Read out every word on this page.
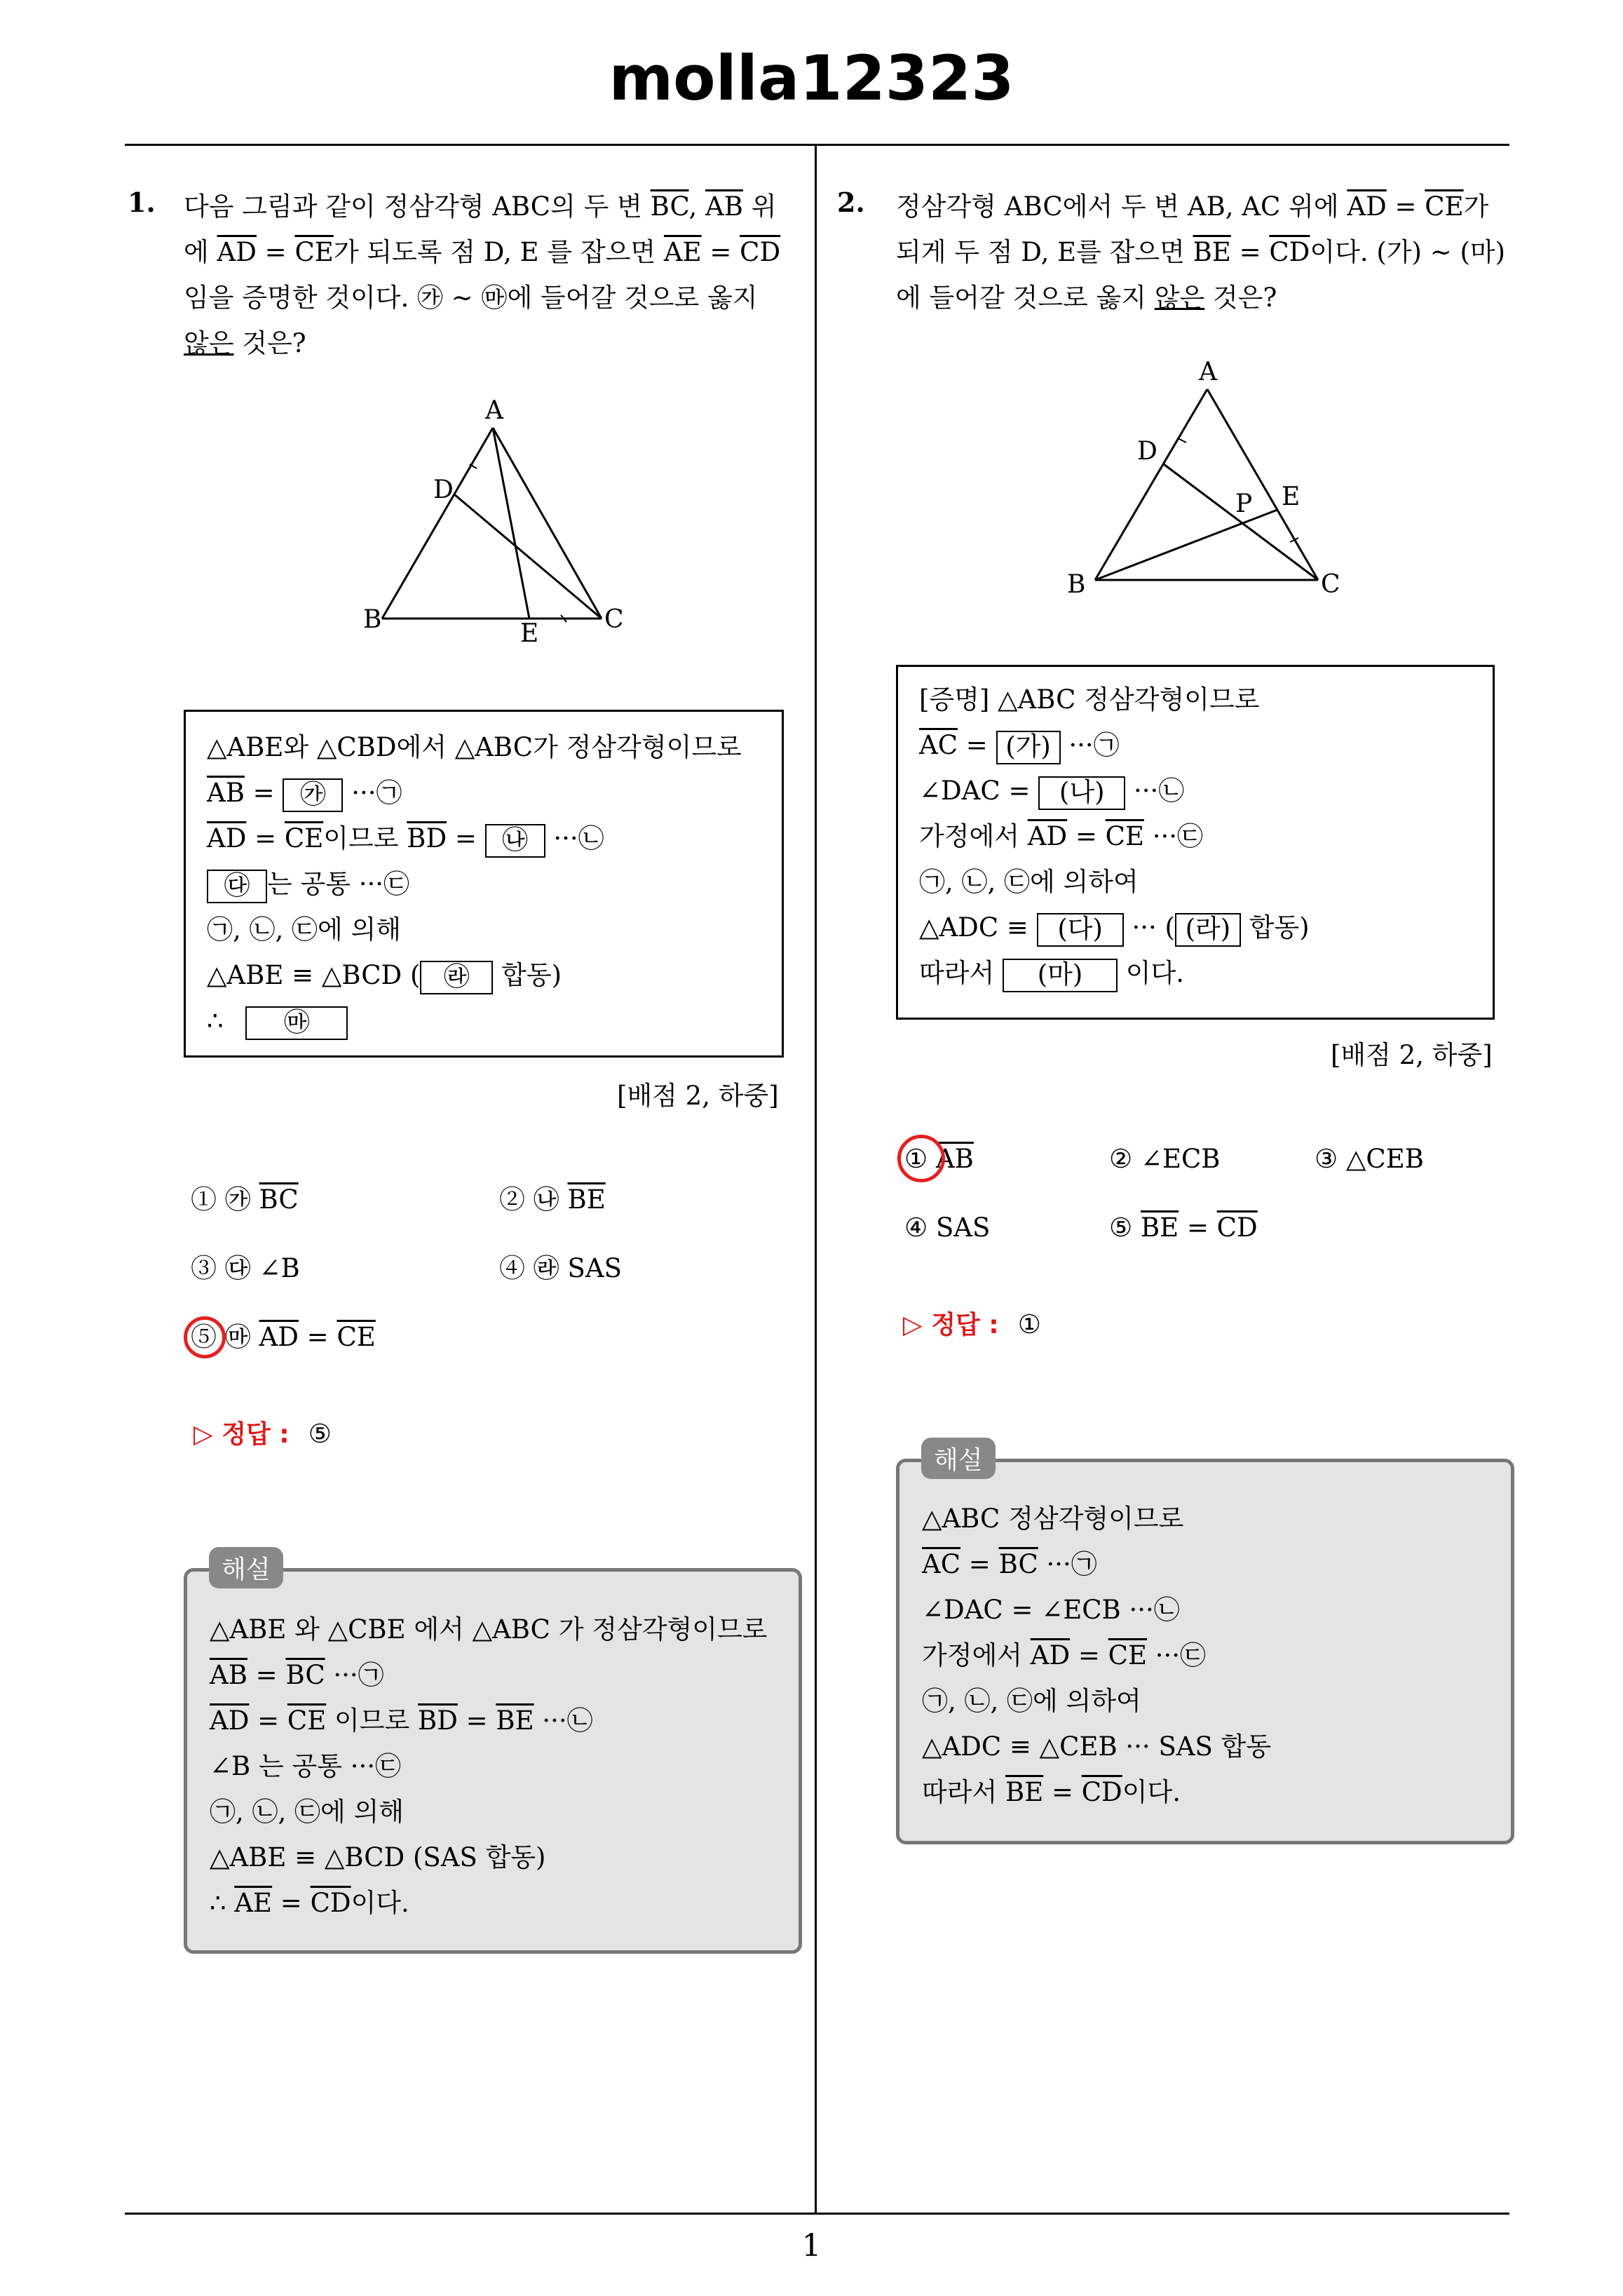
molla12323
1
1. 다음 그림과 같이 정삼각형 ABC의 두 변 $\overline{BC}$, $\overline{AB}$ 위
에 $\overline{AD} = \overline{CE}$가 되도록 점 D, E 를 잡으면 $\overline{AE} = \overline{CD}$
임을 증명한 것이다. ㉮ ~ ㉲에 들어갈 것으로 옳지
않은 것은?
A
D
B	C
E
△ABE와 △CBD에서 △ABC가 정삼각형이므로
$\overline{AB}$ = ㉮ ···㉠
$\overline{AD} = \overline{CE}$이므로 $\overline{BD}$ = ㉯ ···㉡
㉰ 는 공통 ···㉢
㉠, ㉡, ㉢에 의해
△ABE ≡ △BCD ( ㉱ 합동)
∴ ㉲
[배점 2, 하중]
① ㉮ $\overline{BC}$	② ㉯ $\overline{BE}$
③ ㉰ ∠B	④ ㉱ SAS
⑤ ㉲ $\overline{AD} = \overline{CE}$
▷ 정답 : ⑤
△ABE 와 △CBE 에서 △ABC 가 정삼각형이므로
$\overline{AB} = \overline{BC}$ ···㉠
$\overline{AD} = \overline{CE}$ 이므로 $\overline{BD} = \overline{BE}$ ···㉡
∠B 는 공통 ···㉢
㉠, ㉡, ㉢에 의해
△ABE ≡ △BCD (SAS 합동)
∴ $\overline{AE} = \overline{CD}$이다.
해설
2. 정삼각형 ABC에서 두 변 AB, AC 위에 $\overline{AD} = \overline{CE}$가
되게 두 점 D, E를 잡으면 $\overline{BE} = \overline{CD}$이다. (가) ~ (마)
에 들어갈 것으로 옳지 않은 것은?
A
D
P E
B	C
[증명] △ABC 정삼각형이므로
$\overline{AC}$ = (가) ···㉠
∠DAC = (나) ···㉡
가정에서 $\overline{AD} = \overline{CE}$ ···㉢
㉠, ㉡, ㉢에 의하여
△ADC ≡ (다) ··· ( (라) 합동)
따라서 (마) 이다.
[배점 2, 하중]
① $\overline{AB}$	② ∠ECB	③ △CEB
④ SAS	⑤ $\overline{BE} = \overline{CD}$
▷ 정답 : ①
△ABC 정삼각형이므로
$\overline{AC} = \overline{BC}$ ···㉠
∠DAC = ∠ECB ···㉡
가정에서 $\overline{AD} = \overline{CE}$ ···㉢
㉠, ㉡, ㉢에 의하여
△ADC ≡ △CEB ··· SAS 합동
따라서 $\overline{BE} = \overline{CD}$이다.
해설
